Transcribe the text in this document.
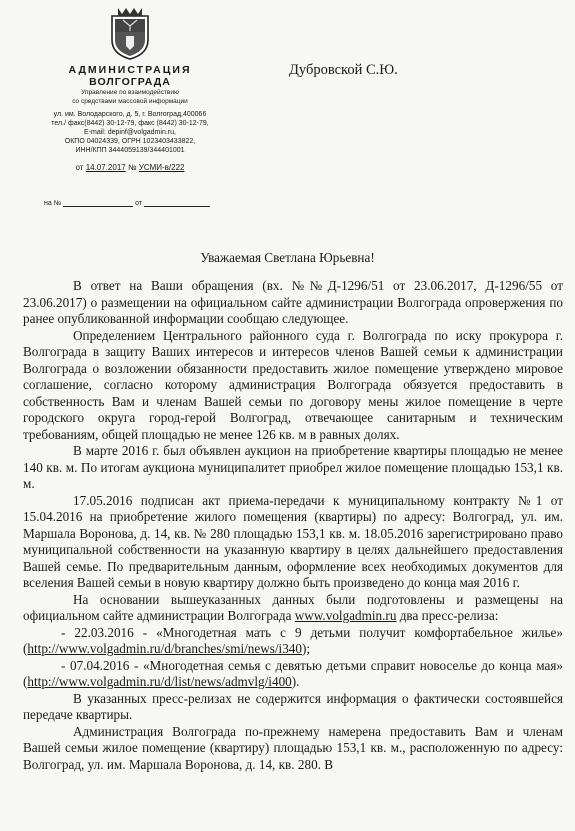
АДМИНИСТРАЦИЯ
ВОЛГОГРАДА
Управление по взаимодействию
со средствами массовой информации
ул. им. Володарского, д. 5, г. Волгоград,400066
тел./ факс(8442) 30-12-79, факс (8442) 30-12-79,
E-mail: depinf@volgadmin.ru,
ОКПО 04024339, ОГРН 1023403433822,
ИНН/КПП 3444059139/344401001
от 14.07.2017 № УСМИ-в/222
на №	от
Дубровской С.Ю.
Уважаемая Светлана Юрьевна!

В ответ на Ваши обращения (вх. №№Д-1296/51 от 23.06.2017, Д-1296/55 от 23.06.2017) о размещении на официальном сайте администрации Волгограда опровержения по ранее опубликованной информации сообщаю следующее.

Определением Центрального районного суда г. Волгограда по иску прокурора г. Волгограда в защиту Ваших интересов и интересов членов Вашей семьи к администрации Волгограда о возложении обязанности предоставить жилое помещение утверждено мировое соглашение, согласно которому администрация Волгограда обязуется предоставить в собственность Вам и членам Вашей семьи по договору мены жилое помещение в черте городского округа город-герой Волгоград, отвечающее санитарным и техническим требованиям, общей площадью не менее 126 кв. м в равных долях.

В марте 2016 г. был объявлен аукцион на приобретение квартиры площадью не менее 140 кв. м. По итогам аукциона муниципалитет приобрел жилое помещение площадью 153,1 кв. м.

17.05.2016 подписан акт приема-передачи к муниципальному контракту №1 от 15.04.2016 на приобретение жилого помещения (квартиры) по адресу: Волгоград, ул. им. Маршала Воронова, д. 14, кв. № 280 площадью 153,1 кв. м. 18.05.2016 зарегистрировано право муниципальной собственности на указанную квартиру в целях дальнейшего предоставления Вашей семье. По предварительным данным, оформление всех необходимых документов для вселения Вашей семьи в новую квартиру должно быть произведено до конца мая 2016 г.

На основании вышеуказанных данных были подготовлены и размещены на официальном сайте администрации Волгограда www.volgadmin.ru два пресс-релиза:

- 22.03.2016 - «Многодетная мать с 9 детьми получит комфортабельное жилье» (http://www.volgadmin.ru/d/branches/smi/news/i340);

- 07.04.2016 - «Многодетная семья с девятью детьми справит новоселье до конца мая» (http://www.volgadmin.ru/d/list/news/admvlg/i400).

В указанных пресс-релизах не содержится информация о фактически состоявшейся передаче квартиры.

Администрация Волгограда по-прежнему намерена предоставить Вам и членам Вашей семьи жилое помещение (квартиру) площадью 153,1 кв. м., расположенную по адресу: Волгоград, ул. им. Маршала Воронова, д. 14, кв. 280. В
